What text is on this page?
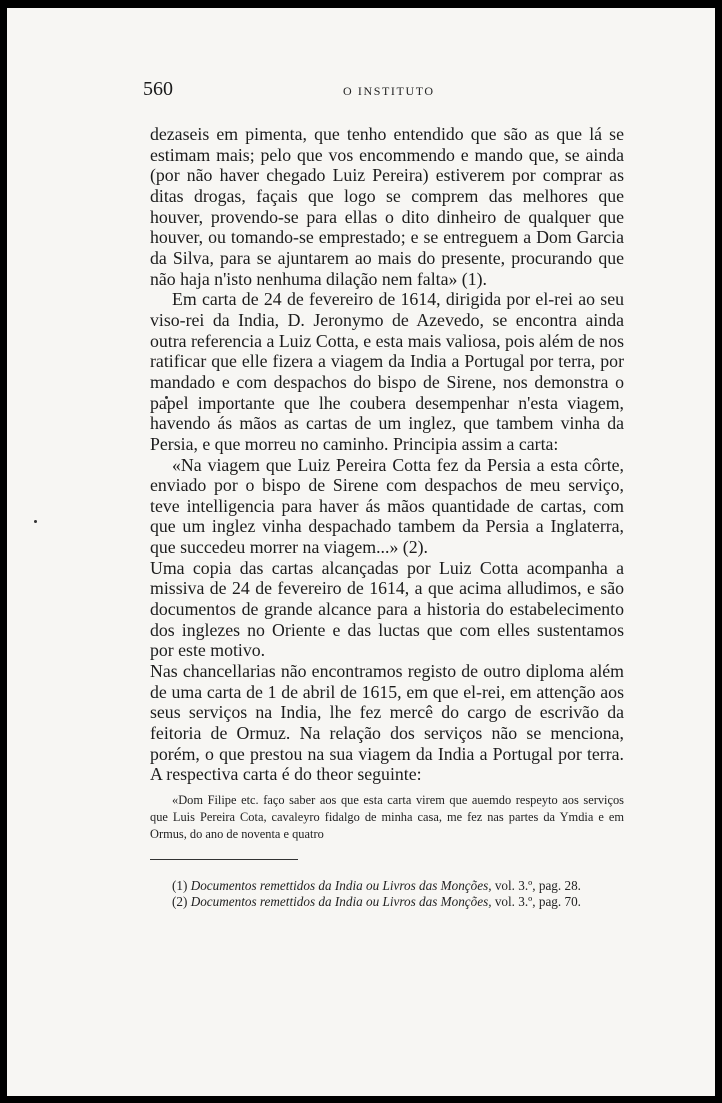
560	O INSTITUTO

dezaseis em pimenta, que tenho entendido que são as que lá se estimam mais; pelo que vos encommendo e mando que, se ainda (por não haver chegado Luiz Pereira) estiverem por comprar as ditas drogas, façais que logo se comprem das melhores que houver, provendo-se para ellas o dito dinheiro de qualquer que houver, ou tomando-se emprestado; e se entreguem a Dom Garcia da Silva, para se ajuntarem ao mais do presente, procurando que não haja n'isto nenhuma dilação nem falta» (1).

Em carta de 24 de fevereiro de 1614, dirigida por el-rei ao seu viso-rei da India, D. Jeronymo de Azevedo, se encontra ainda outra referencia a Luiz Cotta, e esta mais valiosa, pois além de nos ratificar que elle fizera a viagem da India a Portugal por terra, por mandado e com despachos do bispo de Sirene, nos demonstra o papel importante que lhe coubera desempenhar n'esta viagem, havendo ás mãos as cartas de um inglez, que tambem vinha da Persia, e que morreu no caminho. Principia assim a carta:

«Na viagem que Luiz Pereira Cotta fez da Persia a esta côrte, enviado por o bispo de Sirene com despachos de meu serviço, teve intelligencia para haver ás mãos quantidade de cartas, com que um inglez vinha despachado tambem da Persia a Inglaterra, que succedeu morrer na viagem...» (2).

Uma copia das cartas alcançadas por Luiz Cotta acompanha a missiva de 24 de fevereiro de 1614, a que acima alludimos, e são documentos de grande alcance para a historia do estabelecimento dos inglezes no Oriente e das luctas que com elles sustentamos por este motivo.

Nas chancellarias não encontramos registo de outro diploma além de uma carta de 1 de abril de 1615, em que el-rei, em attenção aos seus serviços na India, lhe fez mercê do cargo de escrivão da feitoria de Ormuz. Na relação dos serviços não se menciona, porém, o que prestou na sua viagem da India a Portugal por terra. A respectiva carta é do theor seguinte:

«Dom Filipe etc. faço saber aos que esta carta virem que auemdo respeyto aos serviços que Luis Pereira Cota, cavaleyro fidalgo de minha casa, me fez nas partes da Ymdia e em Ormus, do ano de noventa e quatro

(1) Documentos remettidos da India ou Livros das Monções, vol. 3.º, pag. 28.

(2) Documentos remettidos da India ou Livros das Monções, vol. 3.º, pag. 70.
